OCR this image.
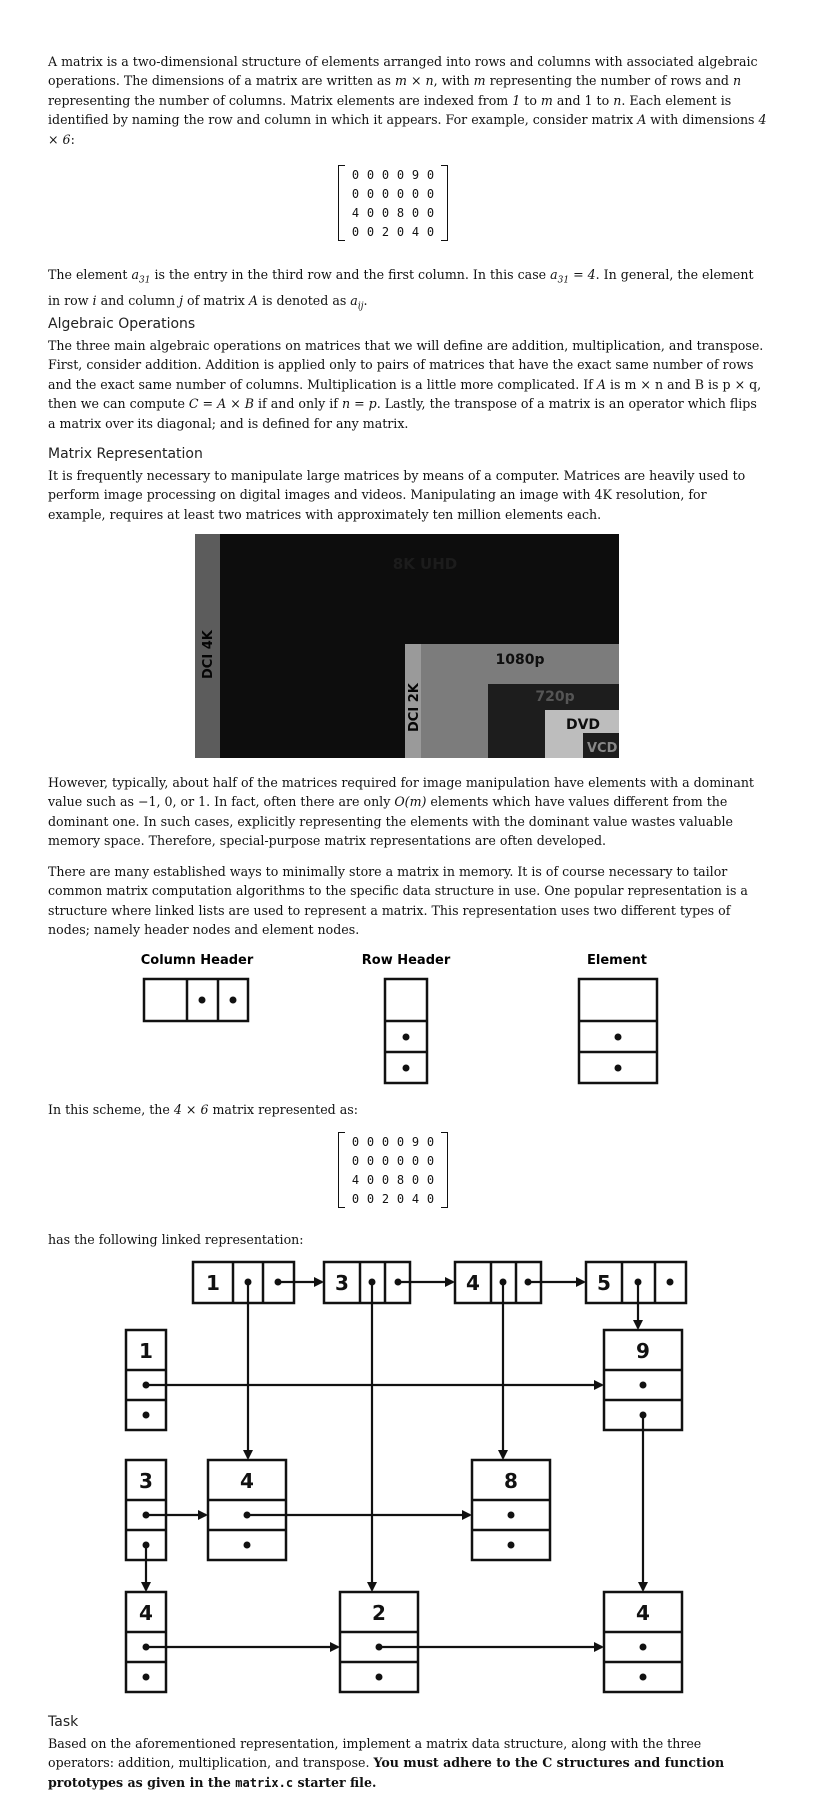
A matrix is a two-dimensional structure of elements arranged into rows and columns with associated algebraic operations. The dimensions of a matrix are written as m × n, with m representing the number of rows and n representing the number of columns. Matrix elements are indexed from 1 to m and 1 to n. Each element is identified by naming the row and column in which it appears. For example, consider matrix A with dimensions 4 × 6:

0	0	0	0	9	0
0	0	0	0	0	0
4	0	0	8	0	0
0	0	2	0	4	0

The element $a_{31}$ is the entry in the third row and the first column. In this case $a_{31} = 4$. In general, the element in row i and column j of matrix A is denoted as $a_{ij}$.

Algebraic Operations

The three main algebraic operations on matrices that we will define are addition, multiplication, and transpose. First, consider addition. Addition is applied only to pairs of matrices that have the exact same number of rows and the exact same number of columns. Multiplication is a little more complicated. If A is m × n and B is p × q, then we can compute C = A × B if and only if n = p. Lastly, the transpose of a matrix is an operator which flips a matrix over its diagonal; and is defined for any matrix.

Matrix Representation

It is frequently necessary to manipulate large matrices by means of a computer. Matrices are heavily used to perform image processing on digital images and videos. Manipulating an image with 4K resolution, for example, requires at least two matrices with approximately ten million elements each.

8K UHD
DCI 4K
DCI 2K
1080p
720p
DVD
VCD

However, typically, about half of the matrices required for image manipulation have elements with a dominant value such as −1, 0, or 1. In fact, often there are only O(m) elements which have values different from the dominant one. In such cases, explicitly representing the elements with the dominant value wastes valuable memory space. Therefore, special-purpose matrix representations are often developed.

There are many established ways to minimally store a matrix in memory. It is of course necessary to tailor common matrix computation algorithms to the specific data structure in use. One popular representation is a structure where linked lists are used to represent a matrix. This representation uses two different types of nodes; namely header nodes and element nodes.

Column Header	Row Header	Element

In this scheme, the 4 × 6 matrix represented as:

0	0	0	0	9	0
0	0	0	0	0	0
4	0	0	8	0	0
0	0	2	0	4	0

has the following linked representation:

1	3	4	5
1
3
4
9
4	8
4
2
Task

Based on the aforementioned representation, implement a matrix data structure, along with the three operators: addition, multiplication, and transpose. You must adhere to the C structures and function prototypes as given in the matrix.c starter file.
